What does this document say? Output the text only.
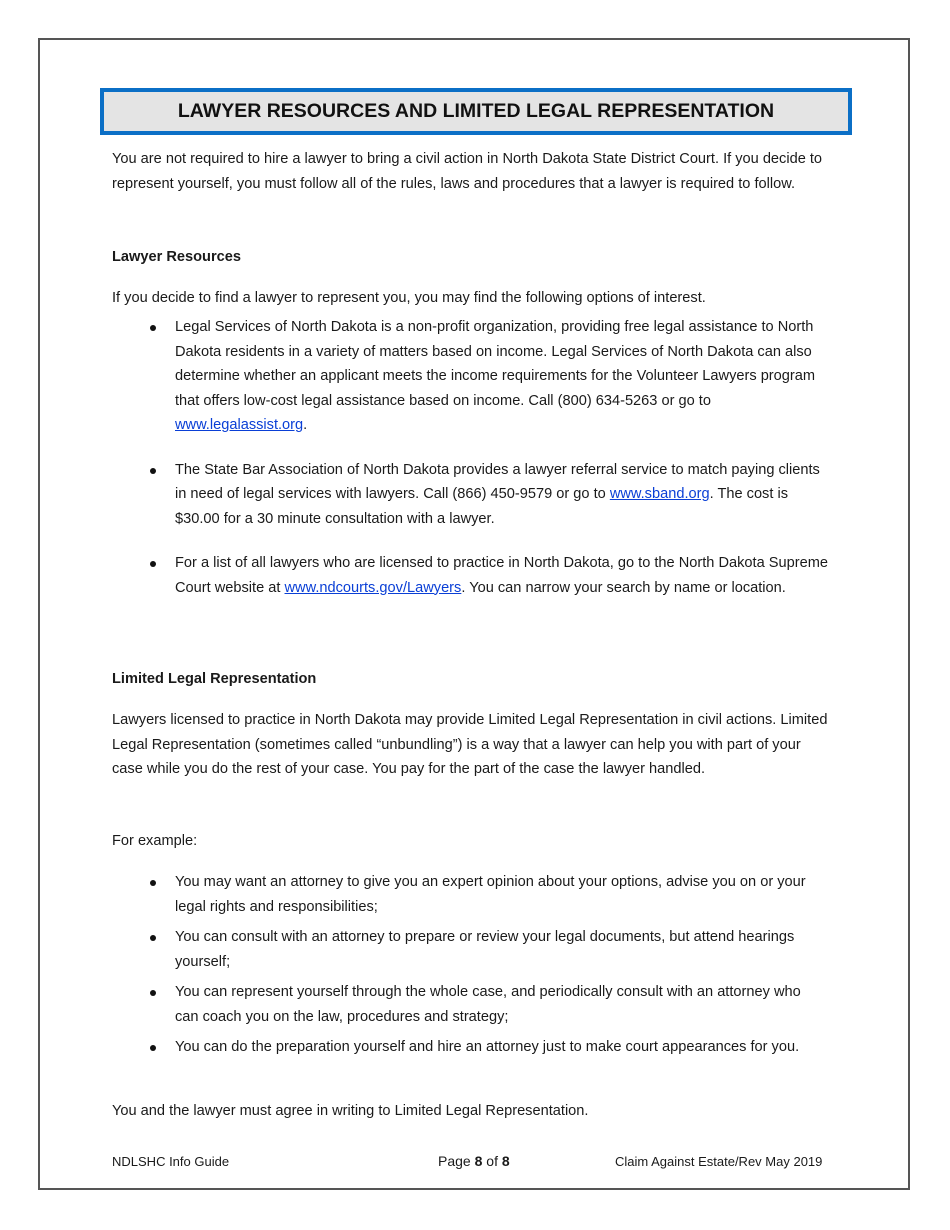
LAWYER RESOURCES AND LIMITED LEGAL REPRESENTATION

You are not required to hire a lawyer to bring a civil action in North Dakota State District Court. If you decide to represent yourself, you must follow all of the rules, laws and procedures that a lawyer is required to follow.

Lawyer Resources

If you decide to find a lawyer to represent you, you may find the following options of interest.

Legal Services of North Dakota is a non-profit organization, providing free legal assistance to North Dakota residents in a variety of matters based on income. Legal Services of North Dakota can also determine whether an applicant meets the income requirements for the Volunteer Lawyers program that offers low-cost legal assistance based on income. Call (800) 634-5263 or go to www.legalassist.org.
The State Bar Association of North Dakota provides a lawyer referral service to match paying clients in need of legal services with lawyers. Call (866) 450-9579 or go to www.sband.org. The cost is $30.00 for a 30 minute consultation with a lawyer.
For a list of all lawyers who are licensed to practice in North Dakota, go to the North Dakota Supreme Court website at www.ndcourts.gov/Lawyers. You can narrow your search by name or location.

Limited Legal Representation

Lawyers licensed to practice in North Dakota may provide Limited Legal Representation in civil actions. Limited Legal Representation (sometimes called “unbundling”) is a way that a lawyer can help you with part of your case while you do the rest of your case. You pay for the part of the case the lawyer handled.

For example:

You may want an attorney to give you an expert opinion about your options, advise you on or your legal rights and responsibilities;
You can consult with an attorney to prepare or review your legal documents, but attend hearings yourself;
You can represent yourself through the whole case, and periodically consult with an attorney who can coach you on the law, procedures and strategy;
You can do the preparation yourself and hire an attorney just to make court appearances for you.

You and the lawyer must agree in writing to Limited Legal Representation.

NDLSHC Info Guide	Page 8 of 8	Claim Against Estate/Rev May 2019
